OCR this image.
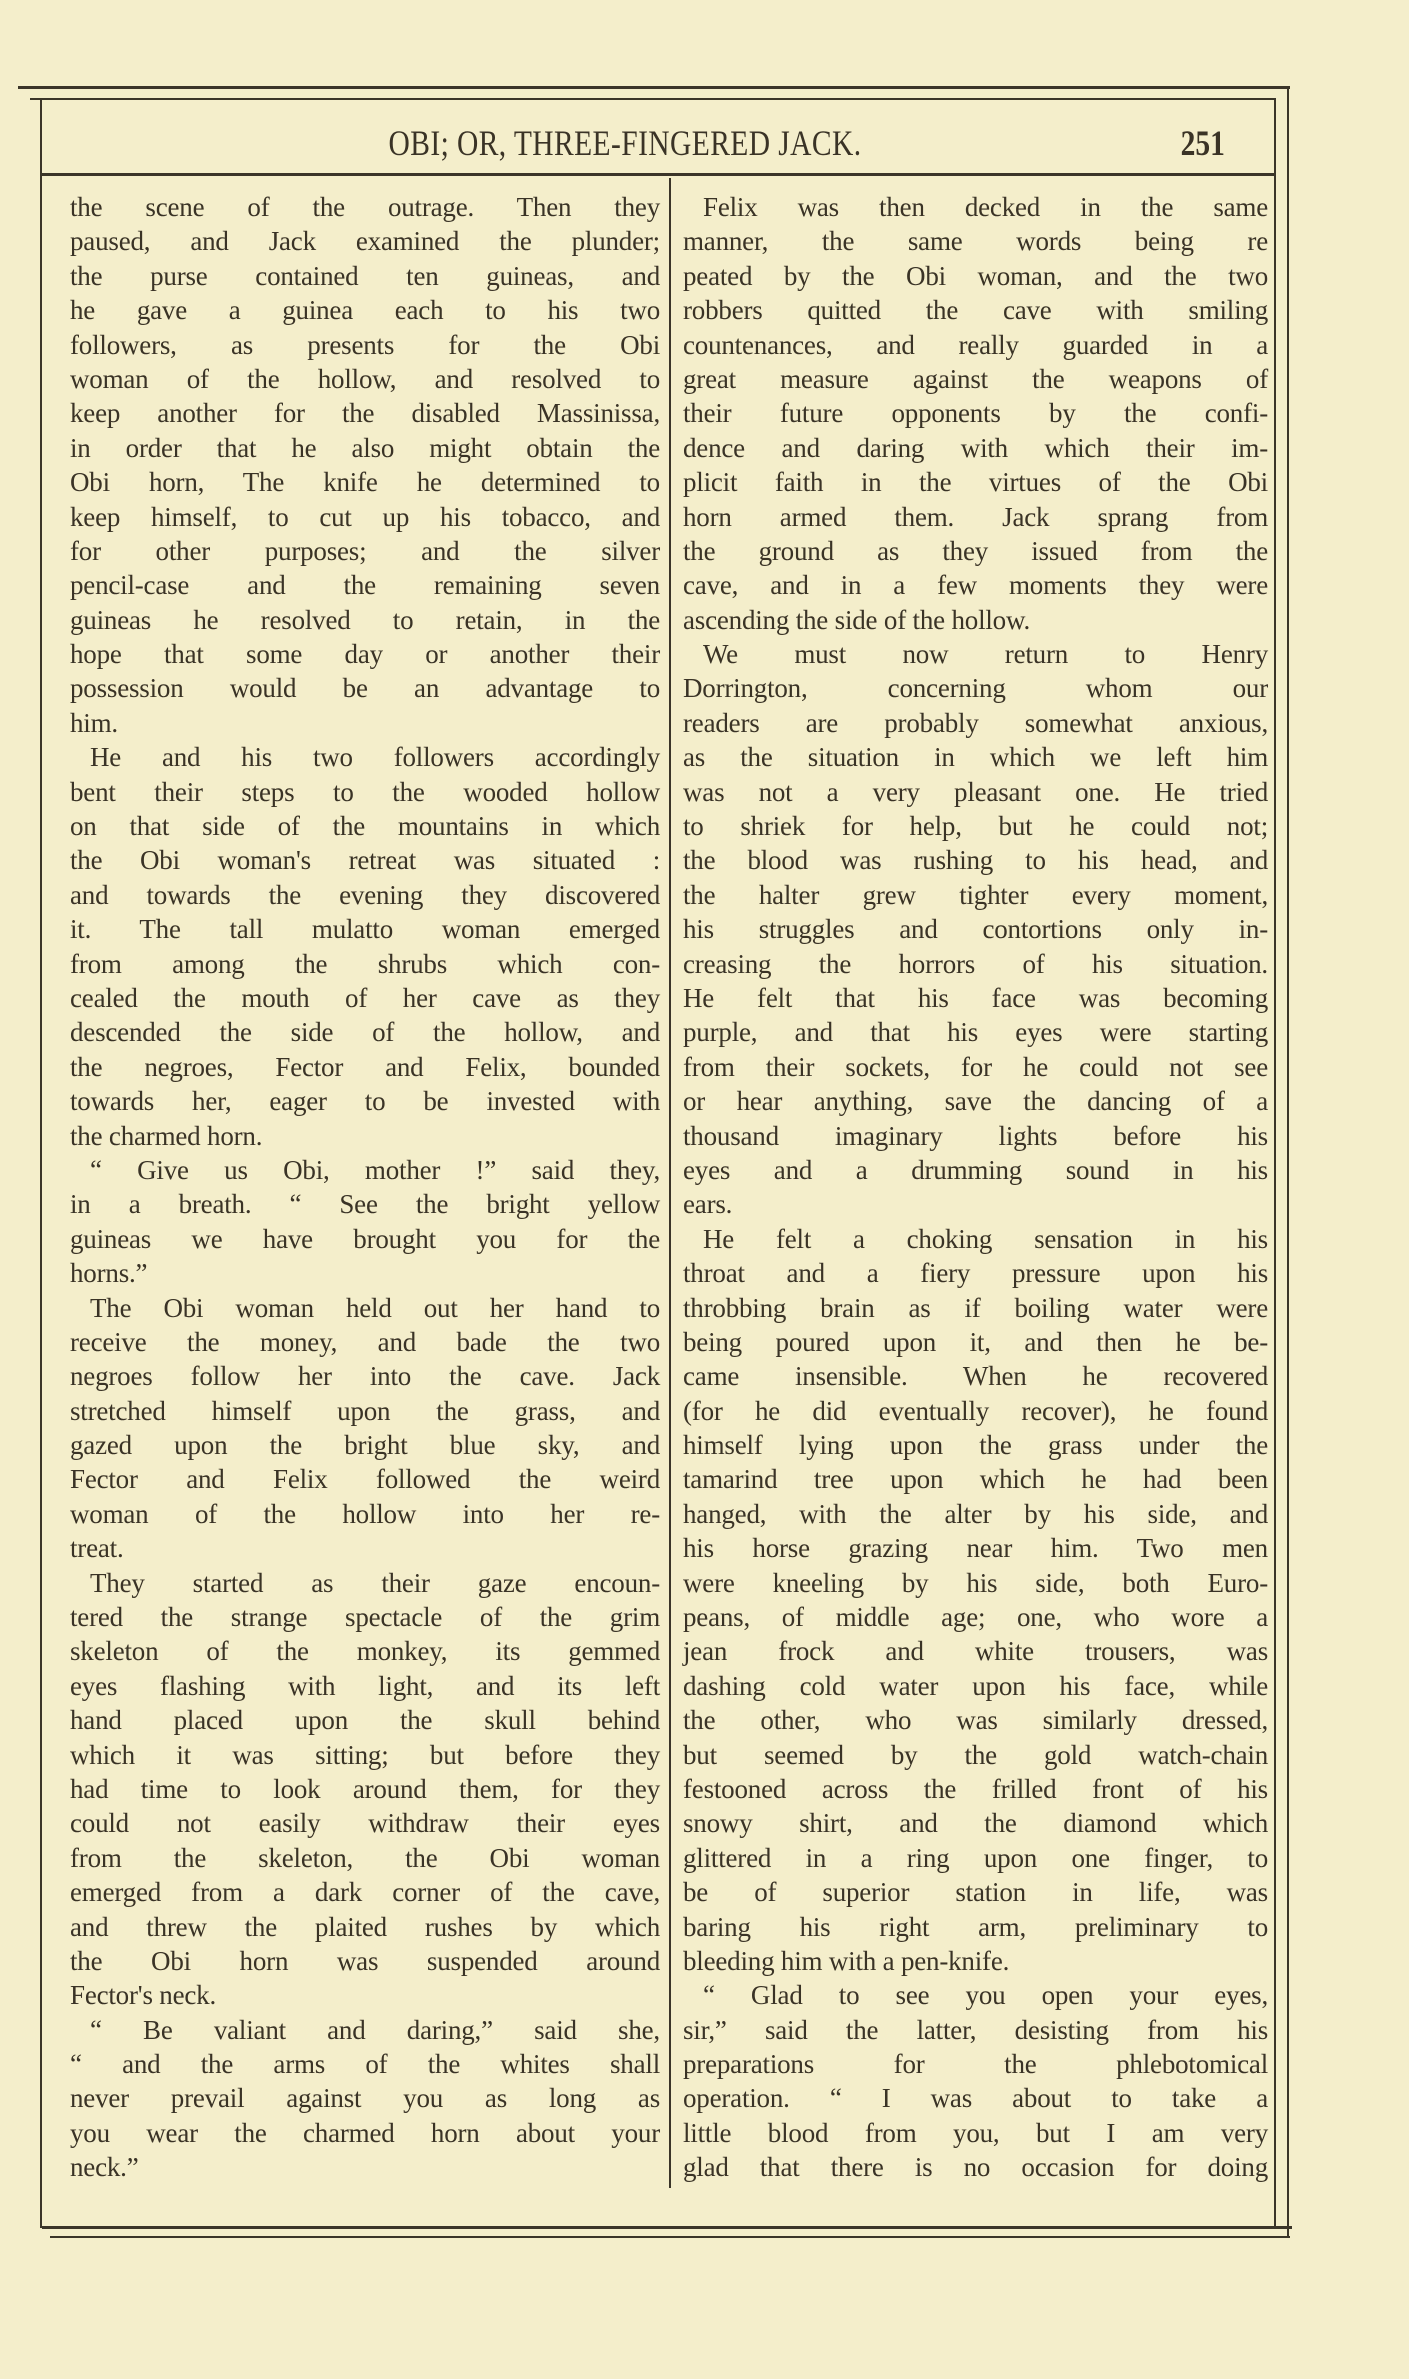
OBI; OR, THREE-FINGERED JACK.	251
the scene of the outrage. Then they
paused, and Jack examined the plunder;
the purse contained ten guineas, and
he gave a guinea each to his two
followers, as presents for the Obi
woman of the hollow, and resolved to
keep another for the disabled Massinissa,
in order that he also might obtain the
Obi horn, The knife he determined to
keep himself, to cut up his tobacco, and
for other purposes; and the silver
pencil-case and the remaining seven
guineas he resolved to retain, in the
hope that some day or another their
possession would be an advantage to
him.
He and his two followers accordingly
bent their steps to the wooded hollow
on that side of the mountains in which
the Obi woman's retreat was situated :
and towards the evening they discovered
it. The tall mulatto woman emerged
from among the shrubs which con-
cealed the mouth of her cave as they
descended the side of the hollow, and
the negroes, Fector and Felix, bounded
towards her, eager to be invested with
the charmed horn.
“ Give us Obi, mother !” said they,
in a breath. “ See the bright yellow
guineas we have brought you for the
horns.”
The Obi woman held out her hand to
receive the money, and bade the two
negroes follow her into the cave. Jack
stretched himself upon the grass, and
gazed upon the bright blue sky, and
Fector and Felix followed the weird
woman of the hollow into her re-
treat.
They started as their gaze encoun-
tered the strange spectacle of the grim
skeleton of the monkey, its gemmed
eyes flashing with light, and its left
hand placed upon the skull behind
which it was sitting; but before they
had time to look around them, for they
could not easily withdraw their eyes
from the skeleton, the Obi woman
emerged from a dark corner of the cave,
and threw the plaited rushes by which
the Obi horn was suspended around
Fector's neck.
“ Be valiant and daring,” said she,
“ and the arms of the whites shall
never prevail against you as long as
you wear the charmed horn about your
neck.”
Felix was then decked in the same
manner, the same words being re
peated by the Obi woman, and the two
robbers quitted the cave with smiling
countenances, and really guarded in a
great measure against the weapons of
their future opponents by the confi-
dence and daring with which their im-
plicit faith in the virtues of the Obi
horn armed them. Jack sprang from
the ground as they issued from the
cave, and in a few moments they were
ascending the side of the hollow.
We must now return to Henry
Dorrington, concerning whom our
readers are probably somewhat anxious,
as the situation in which we left him
was not a very pleasant one. He tried
to shriek for help, but he could not;
the blood was rushing to his head, and
the halter grew tighter every moment,
his struggles and contortions only in-
creasing the horrors of his situation.
He felt that his face was becoming
purple, and that his eyes were starting
from their sockets, for he could not see
or hear anything, save the dancing of a
thousand imaginary lights before his
eyes and a drumming sound in his
ears.
He felt a choking sensation in his
throat and a fiery pressure upon his
throbbing brain as if boiling water were
being poured upon it, and then he be-
came insensible. When he recovered
(for he did eventually recover), he found
himself lying upon the grass under the
tamarind tree upon which he had been
hanged, with the alter by his side, and
his horse grazing near him. Two men
were kneeling by his side, both Euro-
peans, of middle age; one, who wore a
jean frock and white trousers, was
dashing cold water upon his face, while
the other, who was similarly dressed,
but seemed by the gold watch-chain
festooned across the frilled front of his
snowy shirt, and the diamond which
glittered in a ring upon one finger, to
be of superior station in life, was
baring his right arm, preliminary to
bleeding him with a pen-knife.
“ Glad to see you open your eyes,
sir,” said the latter, desisting from his
preparations for the phlebotomical
operation. “ I was about to take a
little blood from you, but I am very
glad that there is no occasion for doing
